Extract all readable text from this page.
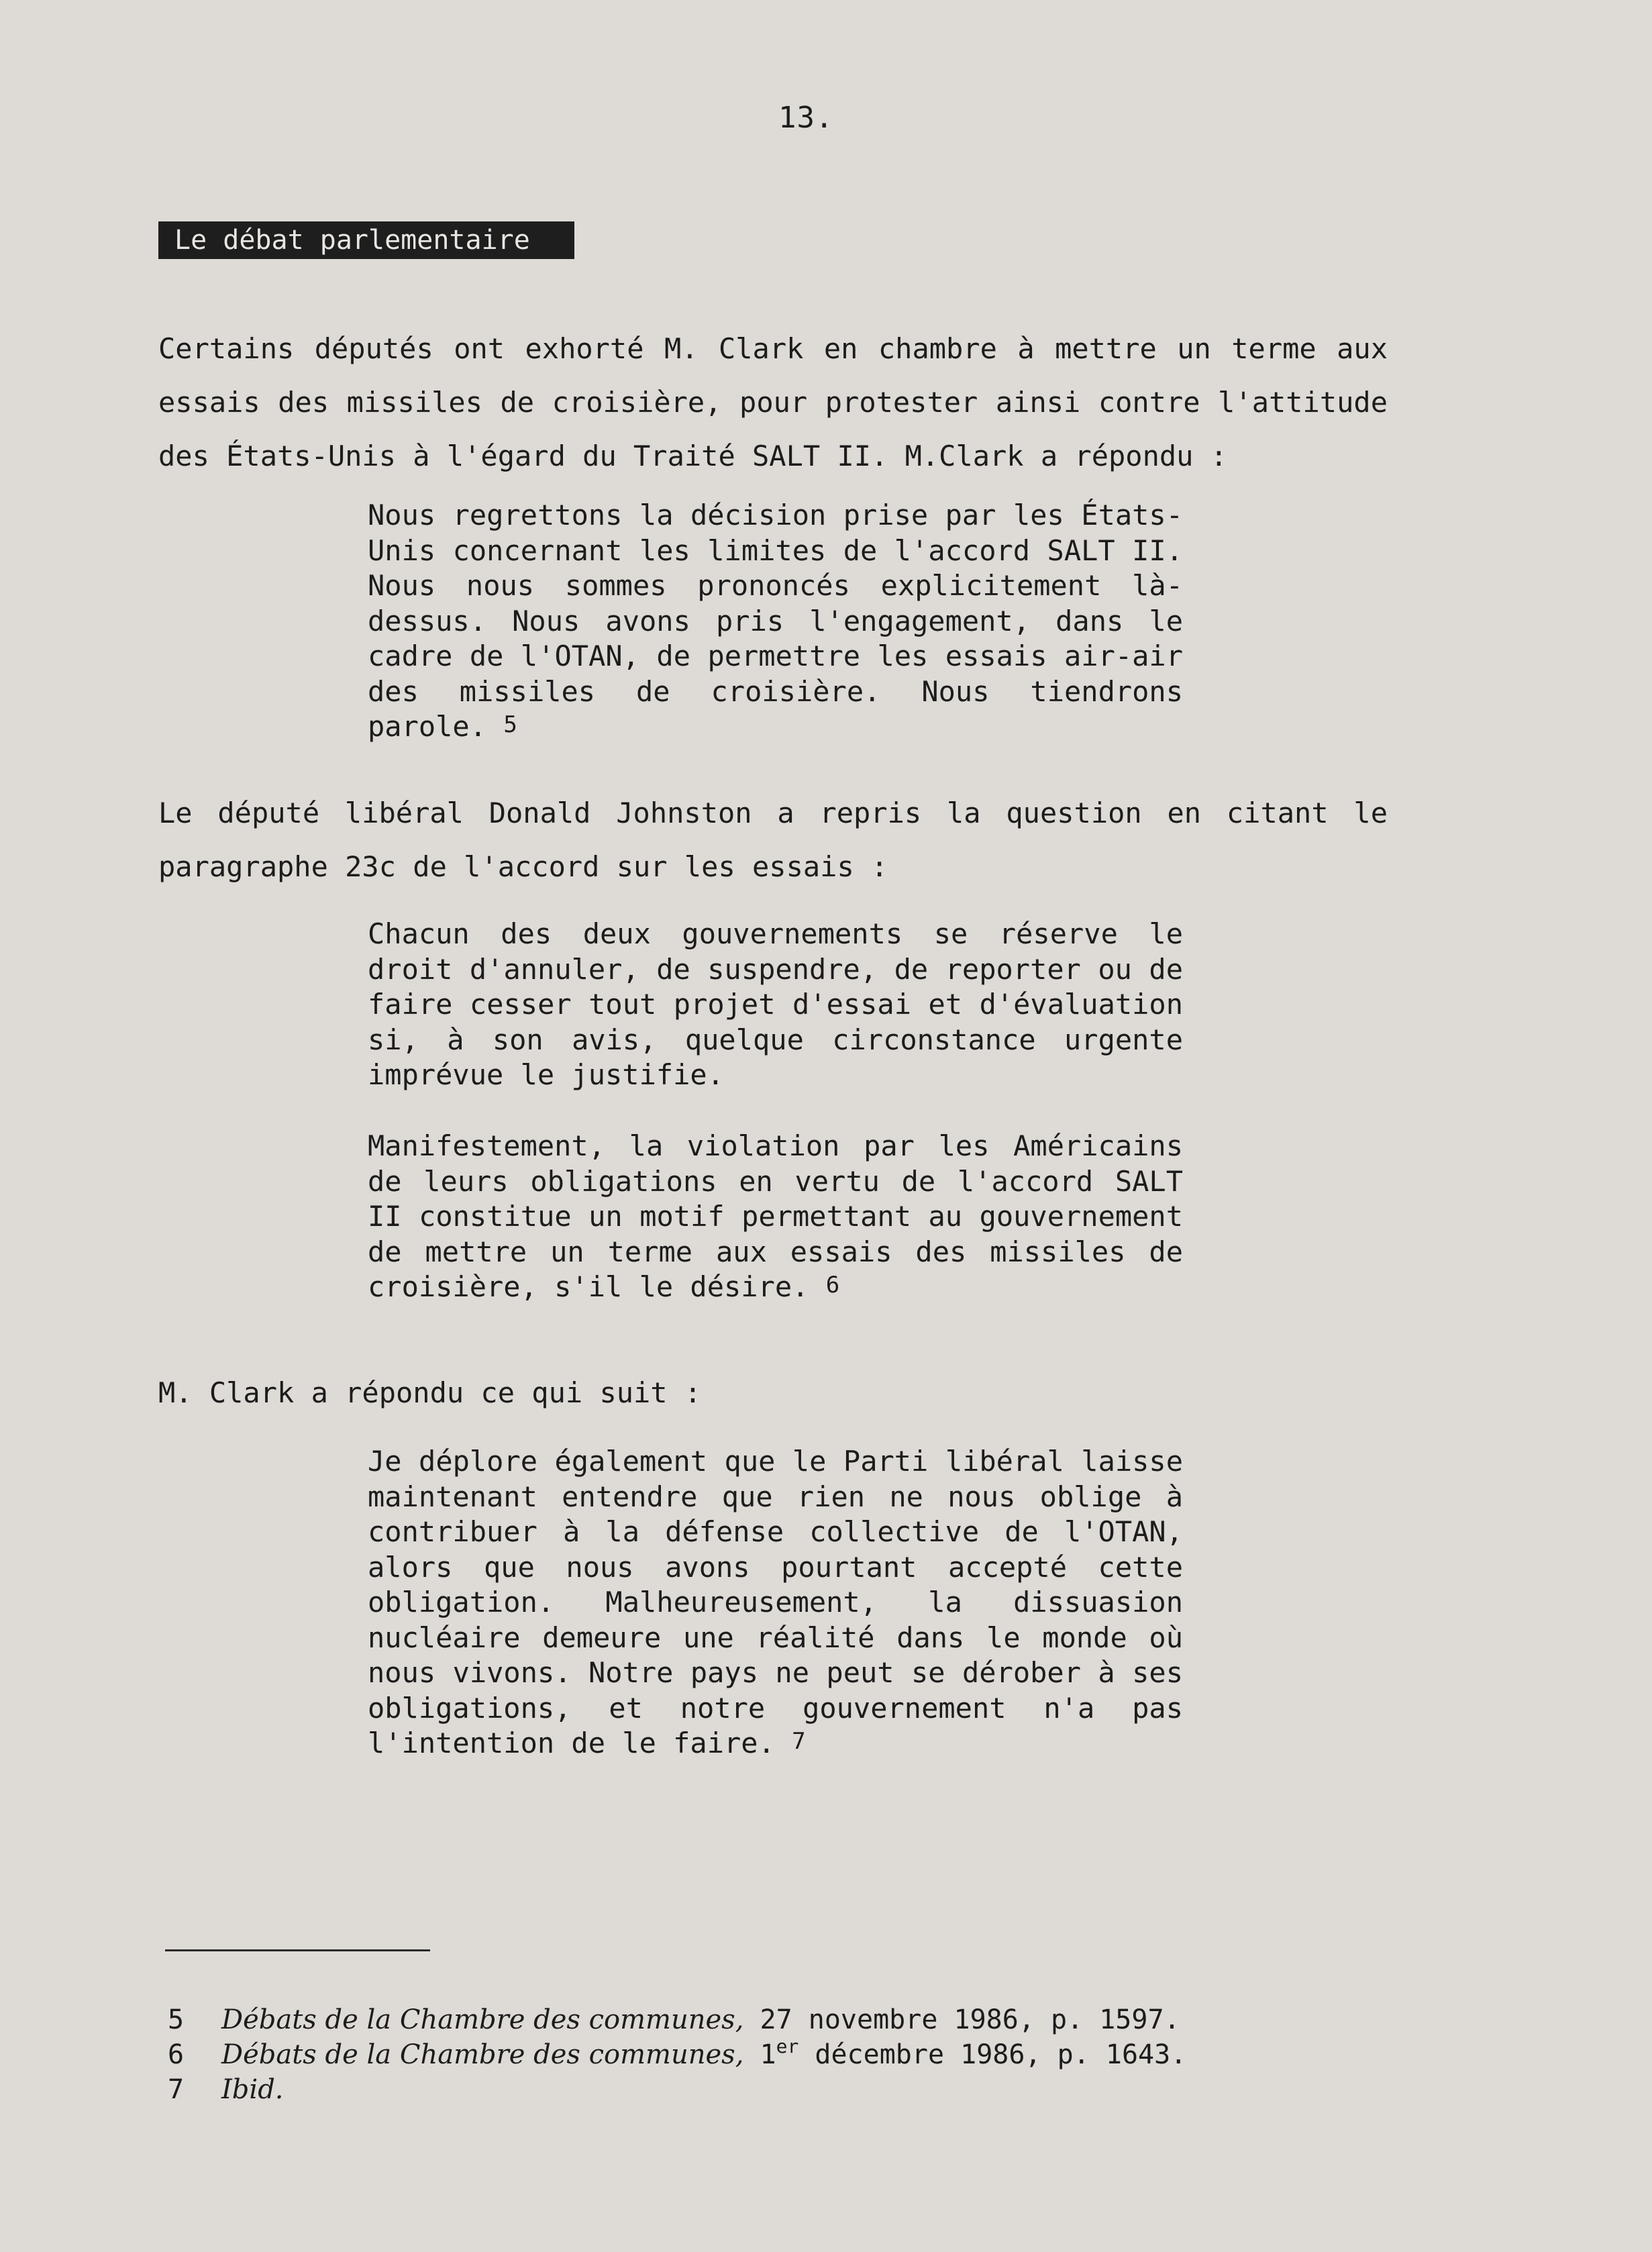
13.
Le débat parlementaire

Certains députés ont exhorté M. Clark en chambre à mettre un terme aux essais des missiles de croisière, pour protester ainsi contre l'attitude des États-Unis à l'égard du Traité SALT II. M.Clark a répondu :

Nous regrettons la décision prise par les États-Unis concernant les limites de l'accord SALT II. Nous nous sommes prononcés explicitement là-dessus. Nous avons pris l'engagement, dans le cadre de l'OTAN, de permettre les essais air-air des missiles de croisière. Nous tiendrons parole. $^5$

Le député libéral Donald Johnston a repris la question en citant le paragraphe 23c de l'accord sur les essais :

Chacun des deux gouvernements se réserve le droit d'annuler, de suspendre, de reporter ou de faire cesser tout projet d'essai et d'évaluation si, à son avis, quelque circonstance urgente imprévue le justifie.

Manifestement, la violation par les Américains de leurs obligations en vertu de l'accord SALT II constitue un motif permettant au gouvernement de mettre un terme aux essais des missiles de croisière, s'il le désire. $^6$

M. Clark a répondu ce qui suit :

Je déplore également que le Parti libéral laisse maintenant entendre que rien ne nous oblige à contribuer à la défense collective de l'OTAN, alors que nous avons pourtant accepté cette obligation. Malheureusement, la dissuasion nucléaire demeure une réalité dans le monde où nous vivons. Notre pays ne peut se dérober à ses obligations, et notre gouvernement n'a pas l'intention de le faire. $^7$

5 Débats de la Chambre des communes, 27 novembre 1986, p. 1597.
6 Débats de la Chambre des communes, 1er décembre 1986, p. 1643.
7 Ibid.
